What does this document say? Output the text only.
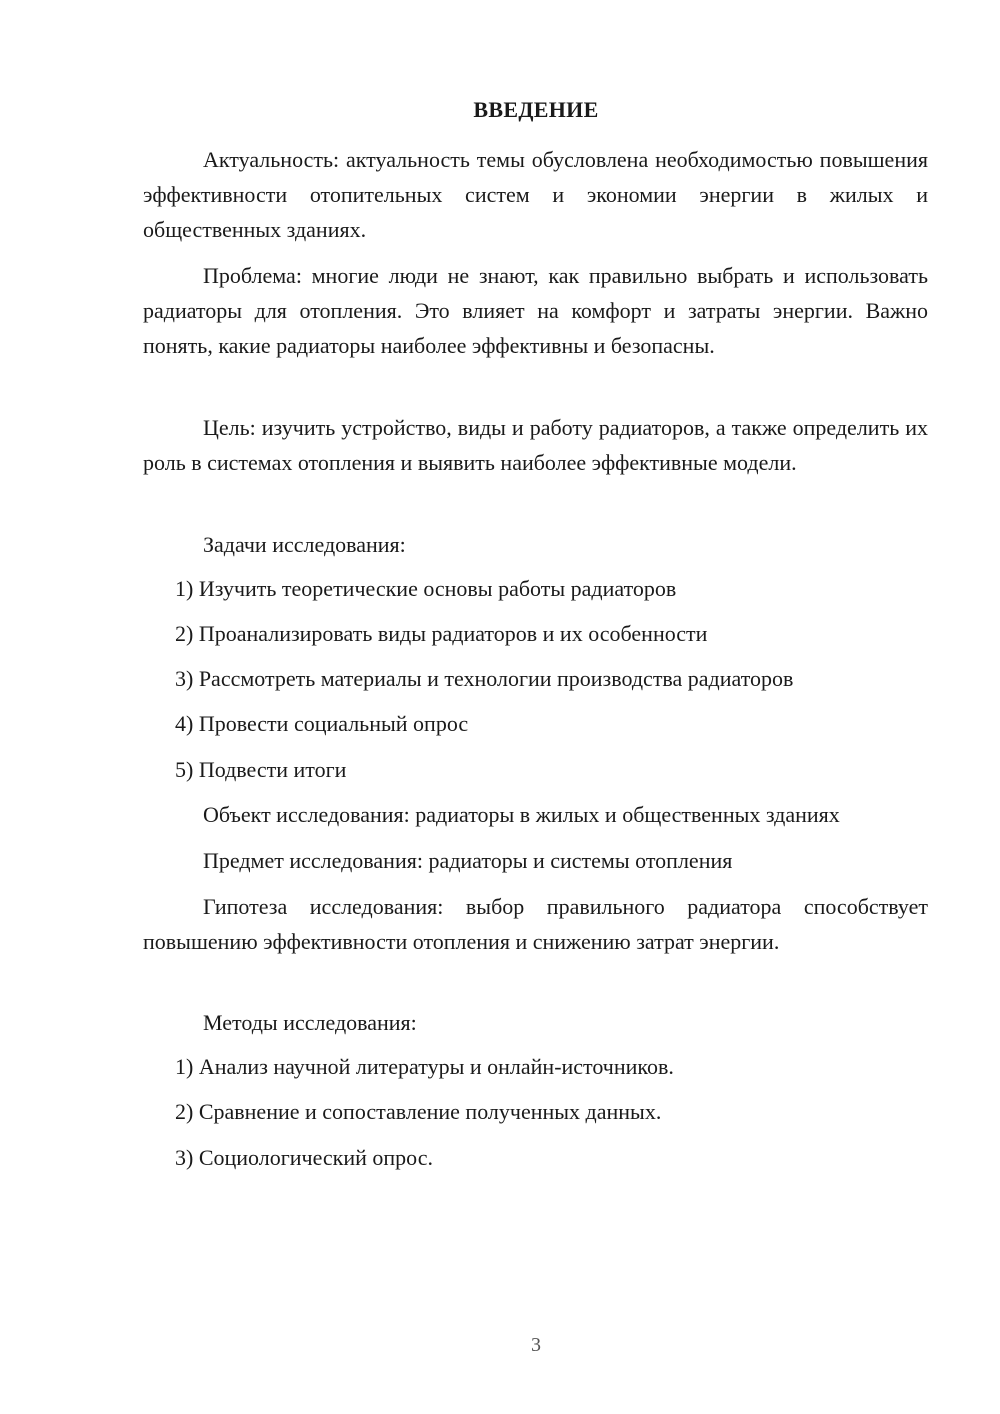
ВВЕДЕНИЕ
Актуальность: актуальность темы обусловлена необходимостью повышения эффективности отопительных систем и экономии энергии в жилых и общественных зданиях.
Проблема: многие люди не знают, как правильно выбрать и использовать радиаторы для отопления. Это влияет на комфорт и затраты энергии. Важно понять, какие радиаторы наиболее эффективны и безопасны.
Цель: изучить устройство, виды и работу радиаторов, а также определить их роль в системах отопления и выявить наиболее эффективные модели.
Задачи исследования:
1) Изучить теоретические основы работы радиаторов
2) Проанализировать виды радиаторов и их особенности
3) Рассмотреть материалы и технологии производства радиаторов
4) Провести социальный опрос
5) Подвести итоги
Объект исследования: радиаторы в жилых и общественных зданиях
Предмет исследования: радиаторы и системы отопления
Гипотеза исследования: выбор правильного радиатора способствует повышению эффективности отопления и снижению затрат энергии.
Методы исследования:
1) Анализ научной литературы и онлайн-источников.
2) Сравнение и сопоставление полученных данных.
3) Социологический опрос.
3
